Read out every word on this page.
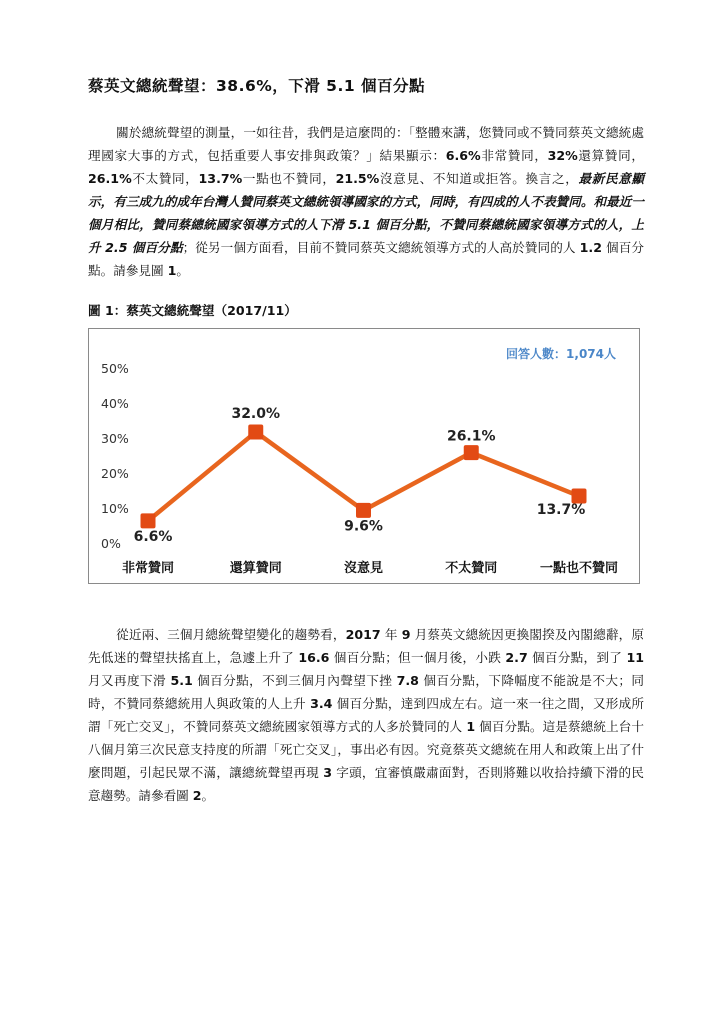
蔡英文總統聲望：38.6%，下滑 5.1 個百分點

關於總統聲望的測量，一如往昔，我們是這麼問的：「整體來講，您贊同或不贊同蔡英文總統處理國家大事的方式，包括重要人事安排與政策？」結果顯示：6.6%非常贊同，32%還算贊同，26.1%不太贊同，13.7%一點也不贊同，21.5%沒意見、不知道或拒答。換言之，最新民意顯示，有三成九的成年台灣人贊同蔡英文總統領導國家的方式，同時，有四成的人不表贊同。和最近一個月相比，贊同蔡總統國家領導方式的人下滑 5.1 個百分點，不贊同蔡總統國家領導方式的人，上升 2.5 個百分點；從另一個方面看，目前不贊同蔡英文總統領導方式的人高於贊同的人 1.2 個百分點。請參見圖 1。

圖 1：蔡英文總統聲望（2017/11）
回答人數：1,074人
0%
10%
20%
30%
40%
50%
非常贊同	還算贊同	沒意見	不太贊同	一點也不贊同
6.6%
32.0%
9.6%
26.1%
13.7%

從近兩、三個月總統聲望變化的趨勢看，2017 年 9 月蔡英文總統因更換閣揆及內閣總辭，原先低迷的聲望扶搖直上，急遽上升了 16.6 個百分點；但一個月後，小跌 2.7 個百分點，到了 11 月又再度下滑 5.1 個百分點，不到三個月內聲望下挫 7.8 個百分點，下降幅度不能說是不大；同時，不贊同蔡總統用人與政策的人上升 3.4 個百分點，達到四成左右。這一來一往之間，又形成所謂「死亡交叉」，不贊同蔡英文總統國家領導方式的人多於贊同的人 1 個百分點。這是蔡總統上台十八個月第三次民意支持度的所謂「死亡交叉」，事出必有因。究竟蔡英文總統在用人和政策上出了什麼問題，引起民眾不滿，讓總統聲望再現 3 字頭，宜審慎嚴肅面對，否則將難以收拾持續下滑的民意趨勢。請參看圖 2。
